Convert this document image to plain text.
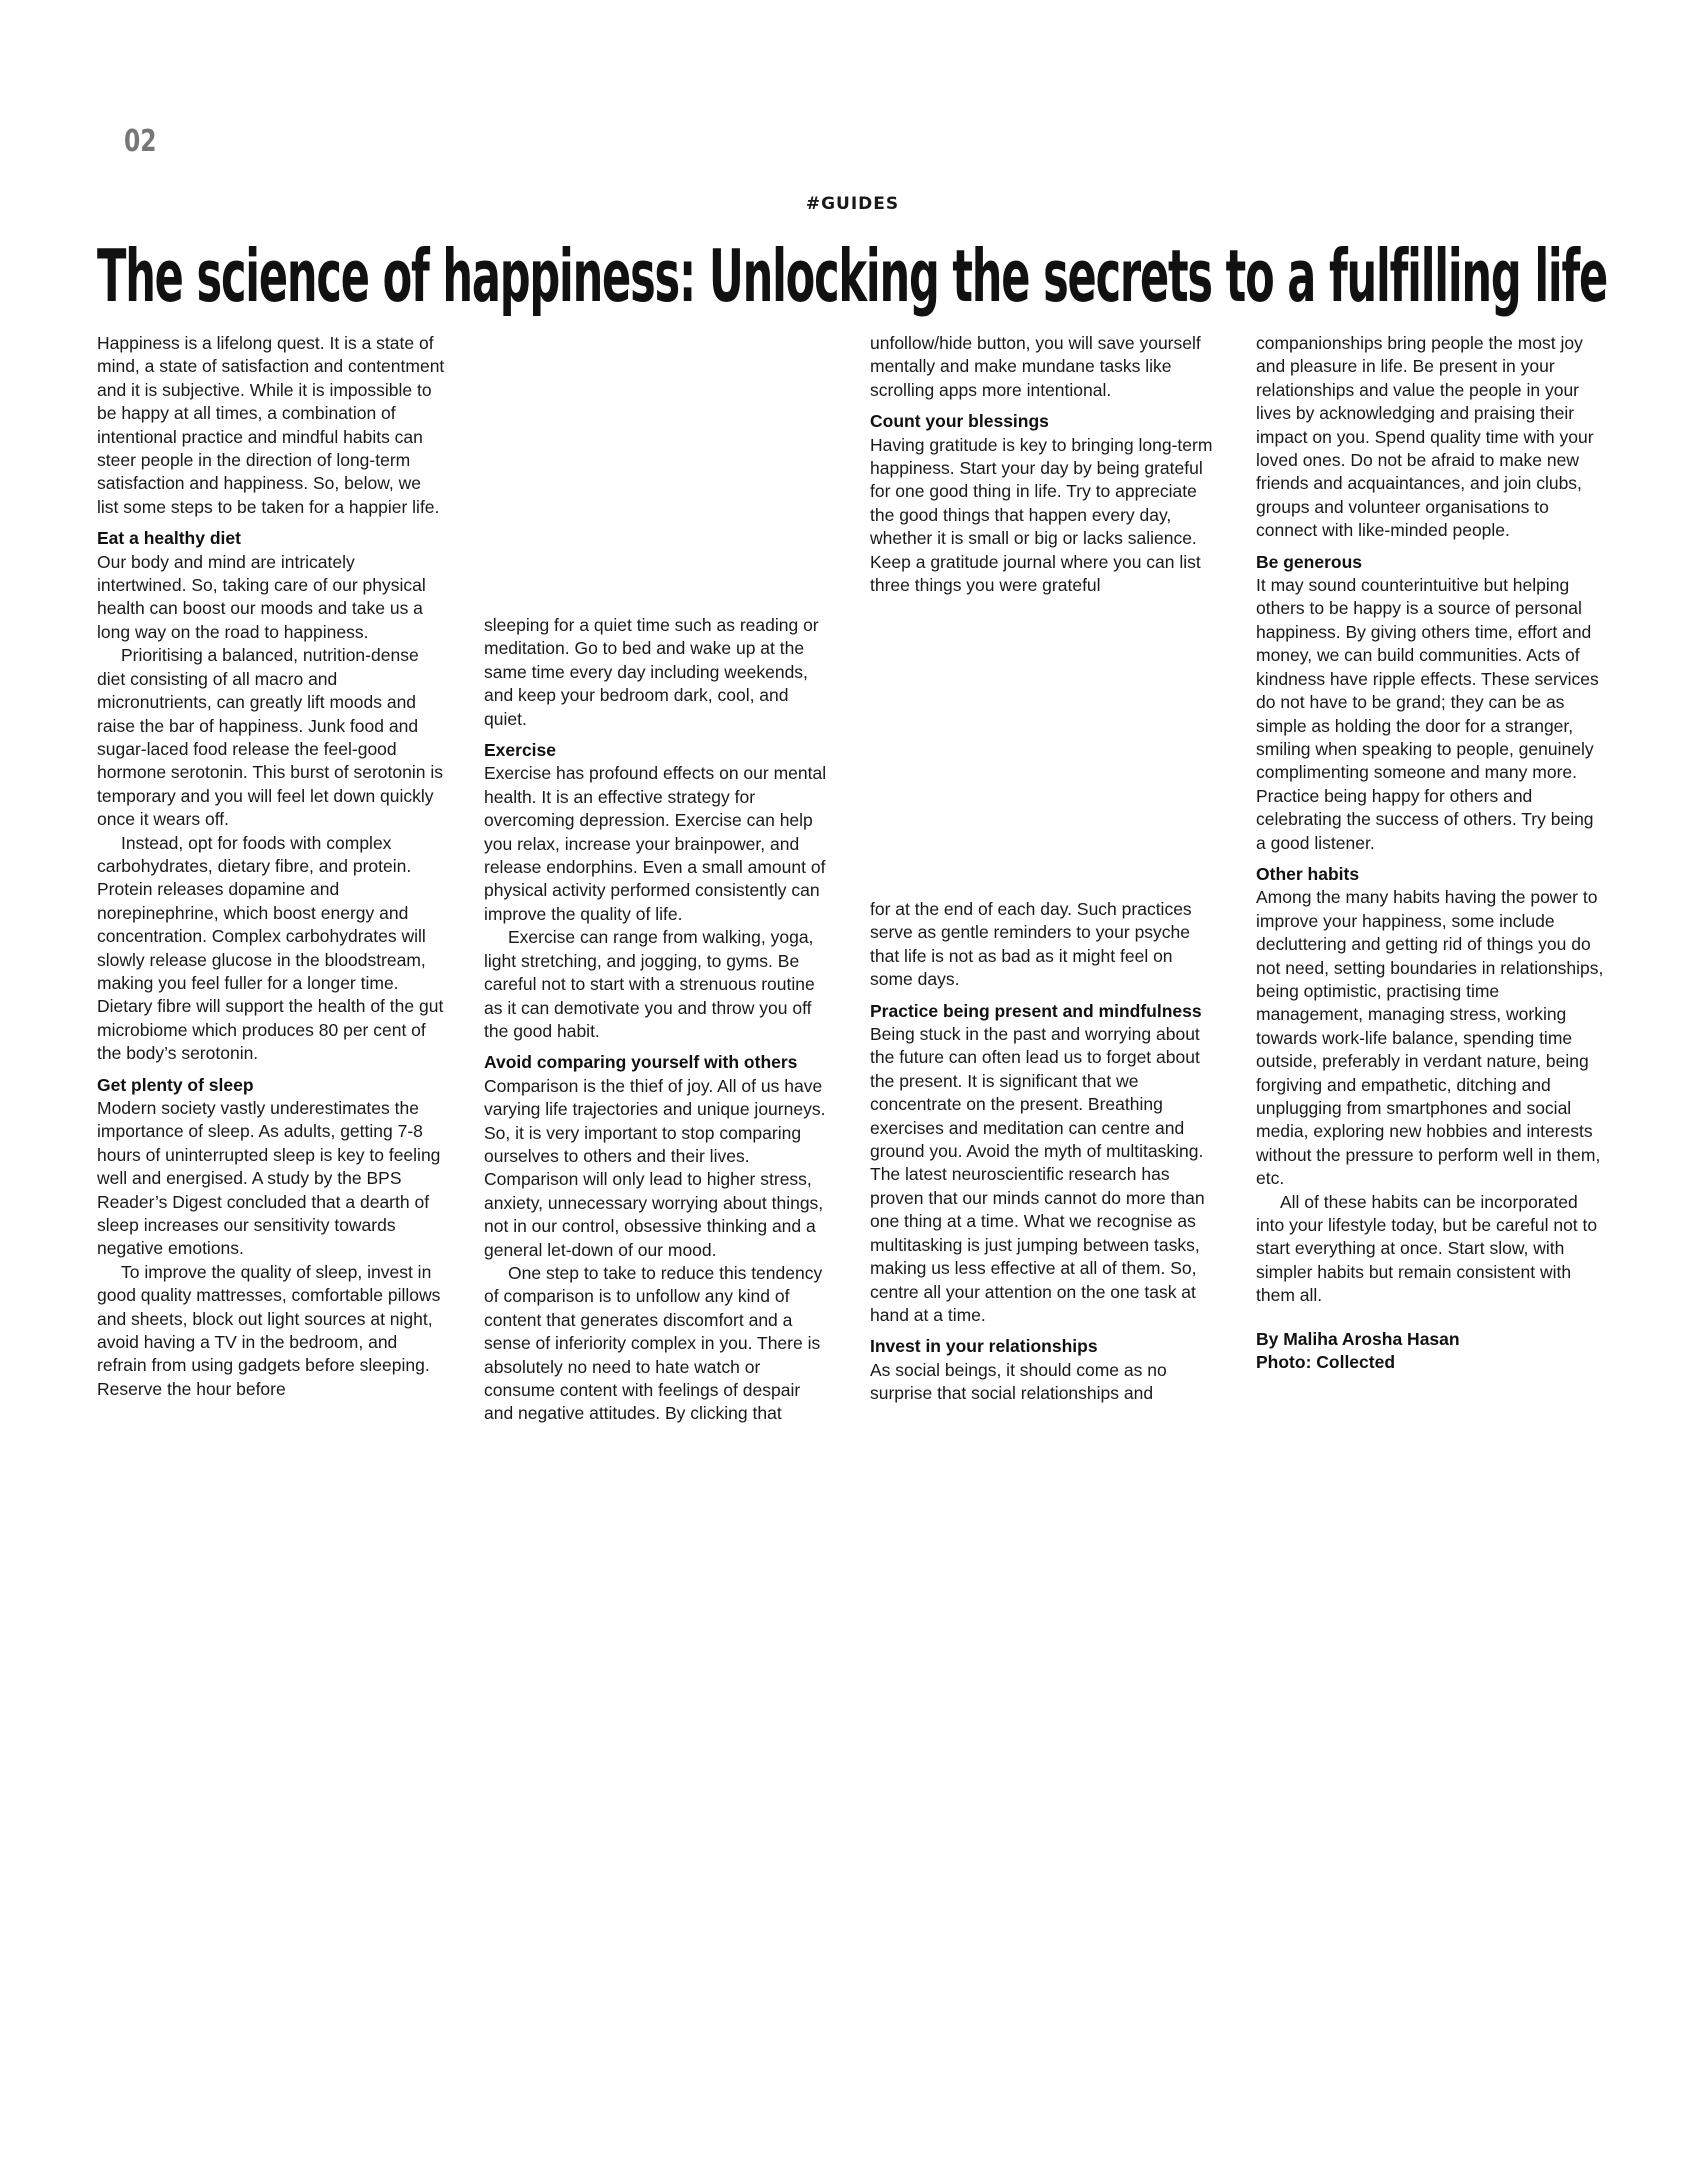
02
#GUIDES
The science of happiness: Unlocking the secrets to a fulfilling life

Happiness is a lifelong quest. It is a state of mind, a state of satisfaction and contentment and it is subjective. While it is impossible to be happy at all times, a combination of intentional practice and mindful habits can steer people in the direction of long-term satisfaction and happiness. So, below, we list some steps to be taken for a happier life.

Eat a healthy diet

Our body and mind are intricately intertwined. So, taking care of our physical health can boost our moods and take us a long way on the road to happiness.

Prioritising a balanced, nutrition-dense diet consisting of all macro and micronutrients, can greatly lift moods and raise the bar of happiness. Junk food and sugar-laced food release the feel-good hormone serotonin. This burst of serotonin is temporary and you will feel let down quickly once it wears off.

Instead, opt for foods with complex carbohydrates, dietary fibre, and protein. Protein releases dopamine and norepinephrine, which boost energy and concentration. Complex carbohydrates will slowly release glucose in the bloodstream, making you feel fuller for a longer time. Dietary fibre will support the health of the gut microbiome which produces 80 per cent of the body’s serotonin.

Get plenty of sleep

Modern society vastly underestimates the importance of sleep. As adults, getting 7-8 hours of uninterrupted sleep is key to feeling well and energised. A study by the BPS Reader’s Digest concluded that a dearth of sleep increases our sensitivity towards negative emotions.

To improve the quality of sleep, invest in good quality mattresses, comfortable pillows and sheets, block out light sources at night, avoid having a TV in the bedroom, and refrain from using gadgets before sleeping. Reserve the hour before

sleeping for a quiet time such as reading or meditation. Go to bed and wake up at the same time every day including weekends, and keep your bedroom dark, cool, and quiet.

Exercise

Exercise has profound effects on our mental health. It is an effective strategy for overcoming depression. Exercise can help you relax, increase your brainpower, and release endorphins. Even a small amount of physical activity performed consistently can improve the quality of life.

Exercise can range from walking, yoga, light stretching, and jogging, to gyms. Be careful not to start with a strenuous routine as it can demotivate you and throw you off the good habit.

Avoid comparing yourself with others

Comparison is the thief of joy. All of us have varying life trajectories and unique journeys. So, it is very important to stop comparing ourselves to others and their lives. Comparison will only lead to higher stress, anxiety, unnecessary worrying about things, not in our control, obsessive thinking and a general let-down of our mood.

One step to take to reduce this tendency of comparison is to unfollow any kind of content that generates discomfort and a sense of inferiority complex in you. There is absolutely no need to hate watch or consume content with feelings of despair and negative attitudes. By clicking that

unfollow/hide button, you will save yourself mentally and make mundane tasks like scrolling apps more intentional.

Count your blessings

Having gratitude is key to bringing long-term happiness. Start your day by being grateful for one good thing in life. Try to appreciate the good things that happen every day, whether it is small or big or lacks salience. Keep a gratitude journal where you can list three things you were grateful

for at the end of each day. Such practices serve as gentle reminders to your psyche that life is not as bad as it might feel on some days.

Practice being present and mindfulness

Being stuck in the past and worrying about the future can often lead us to forget about the present. It is significant that we concentrate on the present. Breathing exercises and meditation can centre and ground you. Avoid the myth of multitasking. The latest neuroscientific research has proven that our minds cannot do more than one thing at a time. What we recognise as multitasking is just jumping between tasks, making us less effective at all of them. So, centre all your attention on the one task at hand at a time.

Invest in your relationships

As social beings, it should come as no surprise that social relationships and

companionships bring people the most joy and pleasure in life. Be present in your relationships and value the people in your lives by acknowledging and praising their impact on you. Spend quality time with your loved ones. Do not be afraid to make new friends and acquaintances, and join clubs, groups and volunteer organisations to connect with like-minded people.

Be generous

It may sound counterintuitive but helping others to be happy is a source of personal happiness. By giving others time, effort and money, we can build communities. Acts of kindness have ripple effects. These services do not have to be grand; they can be as simple as holding the door for a stranger, smiling when speaking to people, genuinely complimenting someone and many more. Practice being happy for others and celebrating the success of others. Try being a good listener.

Other habits

Among the many habits having the power to improve your happiness, some include decluttering and getting rid of things you do not need, setting boundaries in relationships, being optimistic, practising time management, managing stress, working towards work-life balance, spending time outside, preferably in verdant nature, being forgiving and empathetic, ditching and unplugging from smartphones and social media, exploring new hobbies and interests without the pressure to perform well in them, etc.

All of these habits can be incorporated into your lifestyle today, but be careful not to start everything at once. Start slow, with simpler habits but remain consistent with them all.

By Maliha Arosha Hasan

Photo: Collected
